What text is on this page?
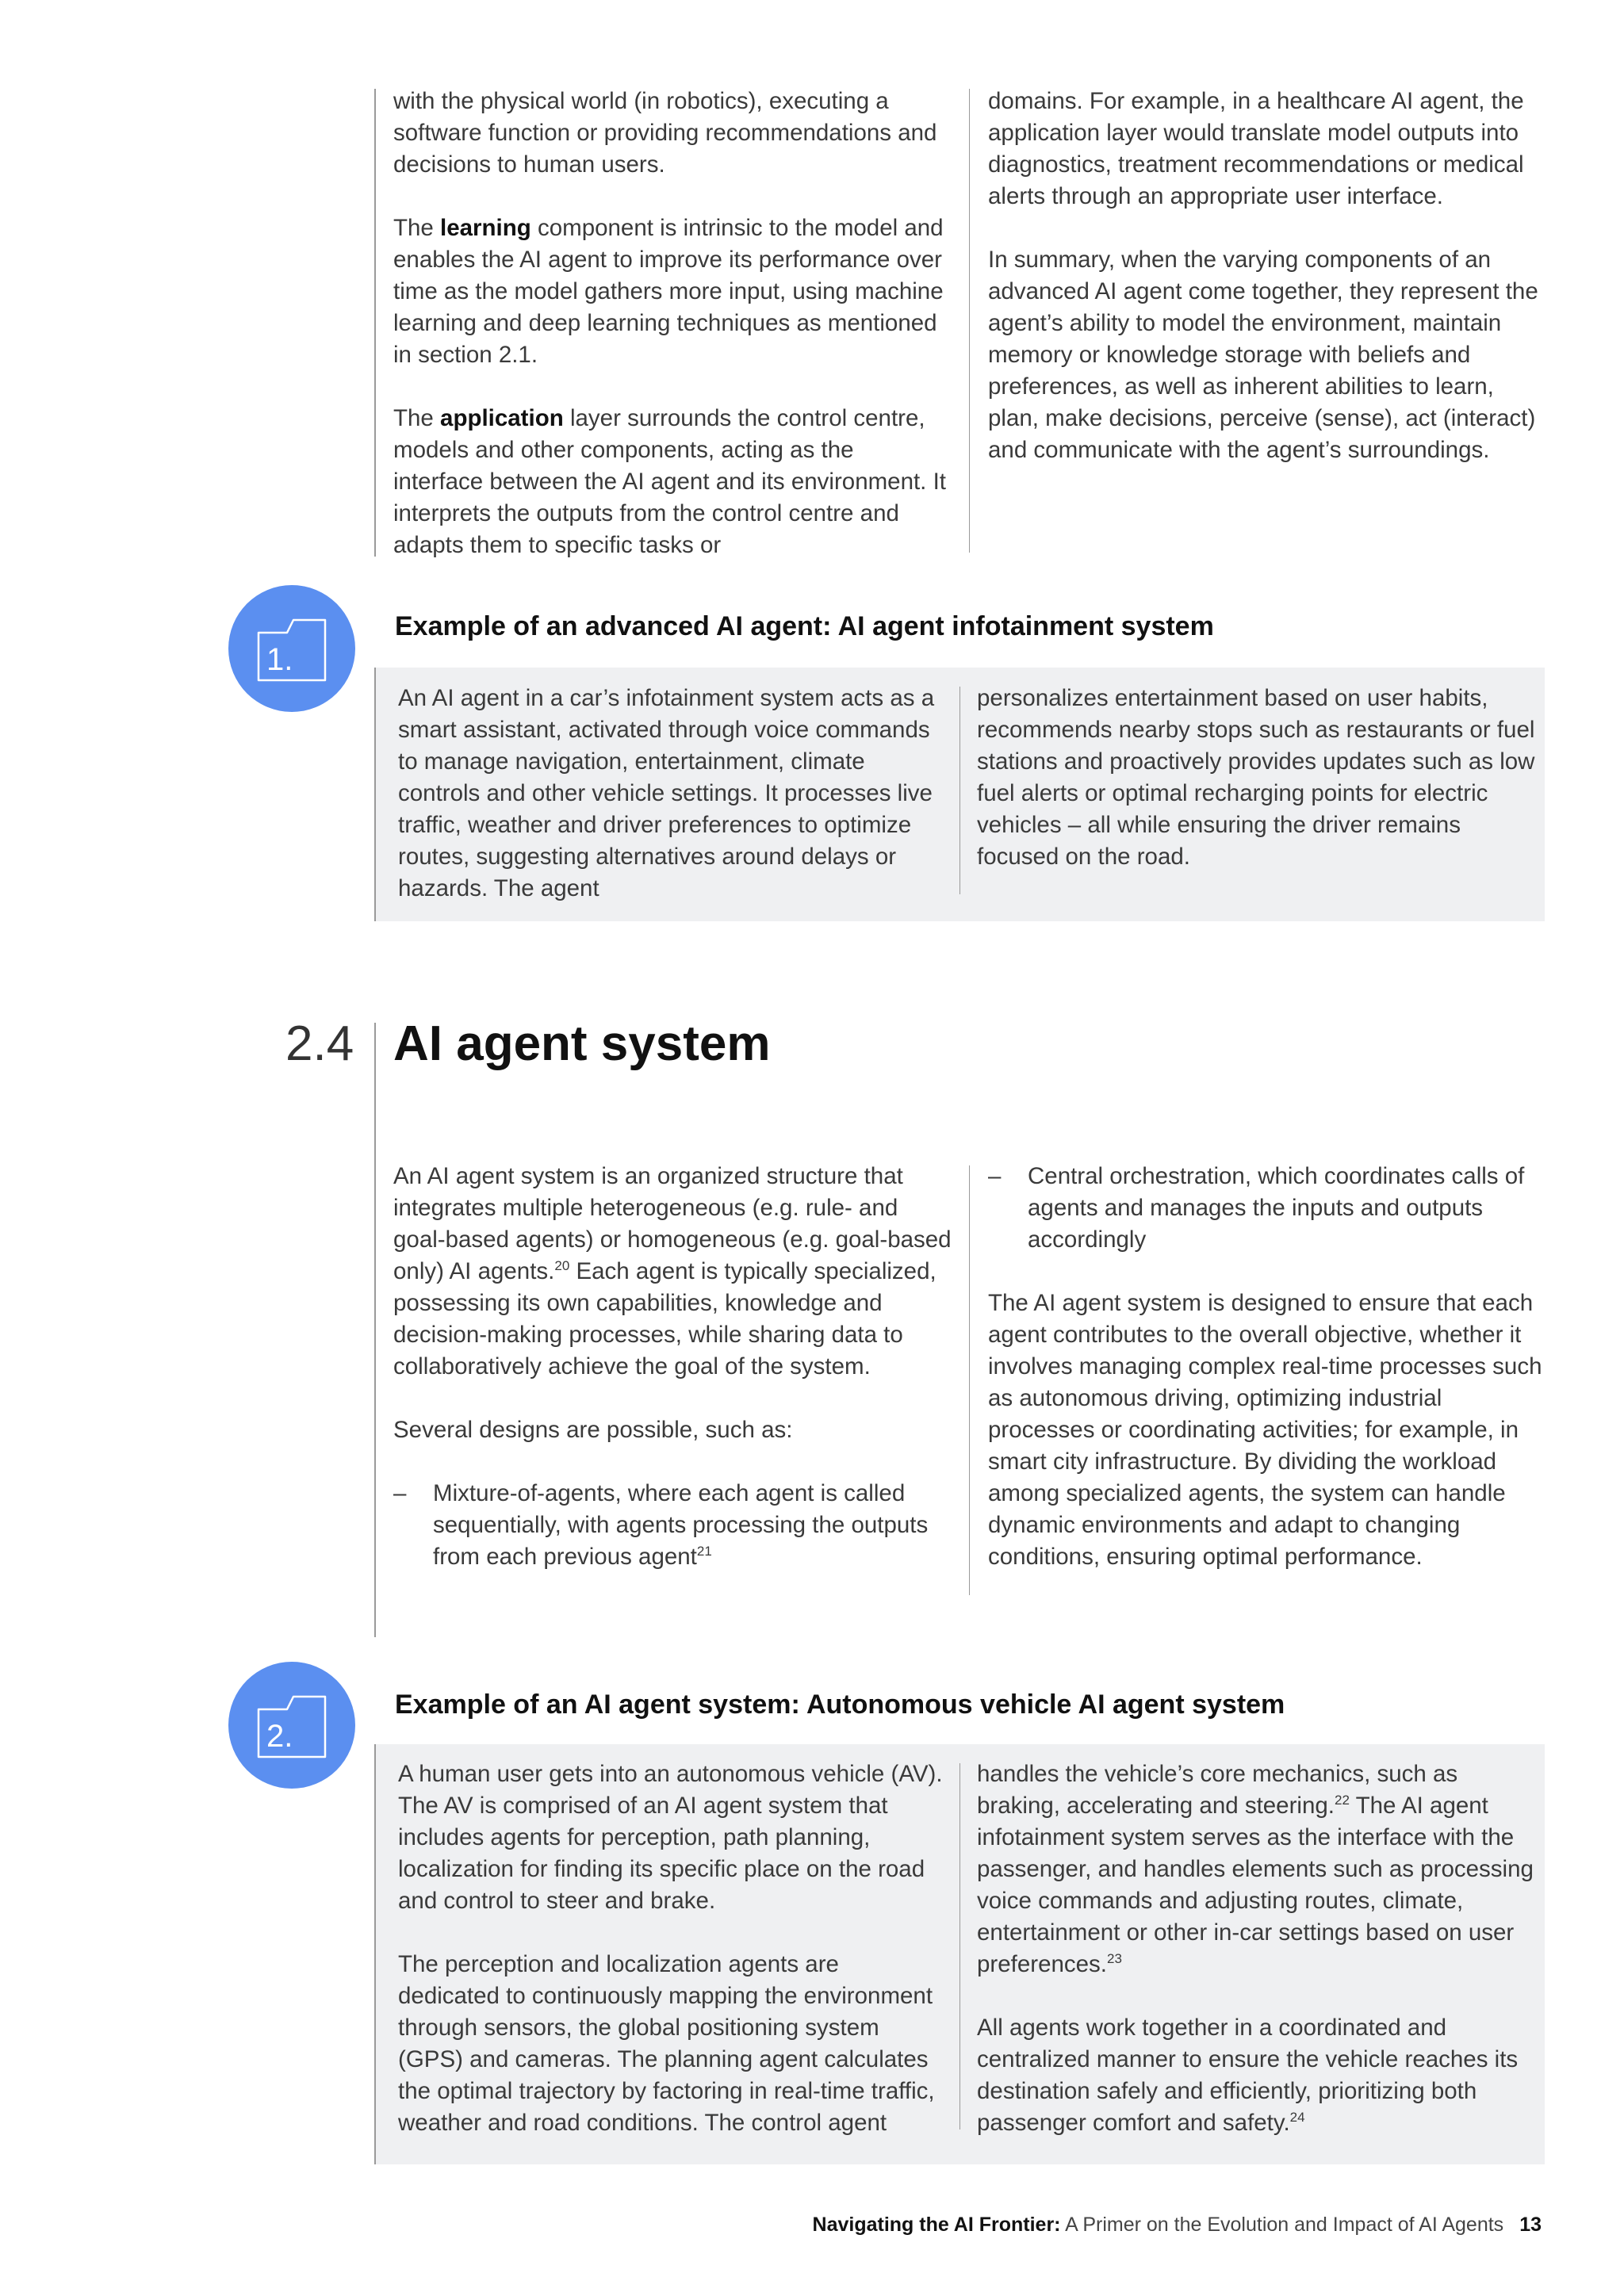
with the physical world (in robotics), executing a software function or providing recommendations and decisions to human users.

The learning component is intrinsic to the model and enables the AI agent to improve its performance over time as the model gathers more input, using machine learning and deep learning techniques as mentioned in section 2.1.

The application layer surrounds the control centre, models and other components, acting as the interface between the AI agent and its environment. It interprets the outputs from the control centre and adapts them to specific tasks or

domains. For example, in a healthcare AI agent, the application layer would translate model outputs into diagnostics, treatment recommendations or medical alerts through an appropriate user interface.

In summary, when the varying components of an advanced AI agent come together, they represent the agent’s ability to model the environment, maintain memory or knowledge storage with beliefs and preferences, as well as inherent abilities to learn, plan, make decisions, perceive (sense), act (interact) and communicate with the agent’s surroundings.

1.
Example of an advanced AI agent: AI agent infotainment system

An AI agent in a car’s infotainment system acts as a smart assistant, activated through voice commands to manage navigation, entertainment, climate controls and other vehicle settings. It processes live traffic, weather and driver preferences to optimize routes, suggesting alternatives around delays or hazards. The agent

personalizes entertainment based on user habits, recommends nearby stops such as restaurants or fuel stations and proactively provides updates such as low fuel alerts or optimal recharging points for electric vehicles – all while ensuring the driver remains focused on the road.

2.4 AI agent system

An AI agent system is an organized structure that integrates multiple heterogeneous (e.g. rule- and goal-based agents) or homogeneous (e.g. goal-based only) AI agents.$^{20}$ Each agent is typically specialized, possessing its own capabilities, knowledge and decision-making processes, while sharing data to collaboratively achieve the goal of the system.

Several designs are possible, such as:

–	Mixture-of-agents, where each agent is called sequentially, with agents processing the outputs from each previous agent$^{21}$
–	Central orchestration, which coordinates calls of agents and manages the inputs and outputs accordingly

The AI agent system is designed to ensure that each agent contributes to the overall objective, whether it involves managing complex real-time processes such as autonomous driving, optimizing industrial processes or coordinating activities; for example, in smart city infrastructure. By dividing the workload among specialized agents, the system can handle dynamic environments and adapt to changing conditions, ensuring optimal performance.

2.
Example of an AI agent system: Autonomous vehicle AI agent system

A human user gets into an autonomous vehicle (AV). The AV is comprised of an AI agent system that includes agents for perception, path planning, localization for finding its specific place on the road and control to steer and brake.

The perception and localization agents are dedicated to continuously mapping the environment through sensors, the global positioning system (GPS) and cameras. The planning agent calculates the optimal trajectory by factoring in real-time traffic, weather and road conditions. The control agent

handles the vehicle’s core mechanics, such as braking, accelerating and steering.$^{22}$ The AI agent infotainment system serves as the interface with the passenger, and handles elements such as processing voice commands and adjusting routes, climate, entertainment or other in-car settings based on user preferences.$^{23}$

All agents work together in a coordinated and centralized manner to ensure the vehicle reaches its destination safely and efficiently, prioritizing both passenger comfort and safety.$^{24}$

Navigating the AI Frontier: A Primer on the Evolution and Impact of AI Agents 13
